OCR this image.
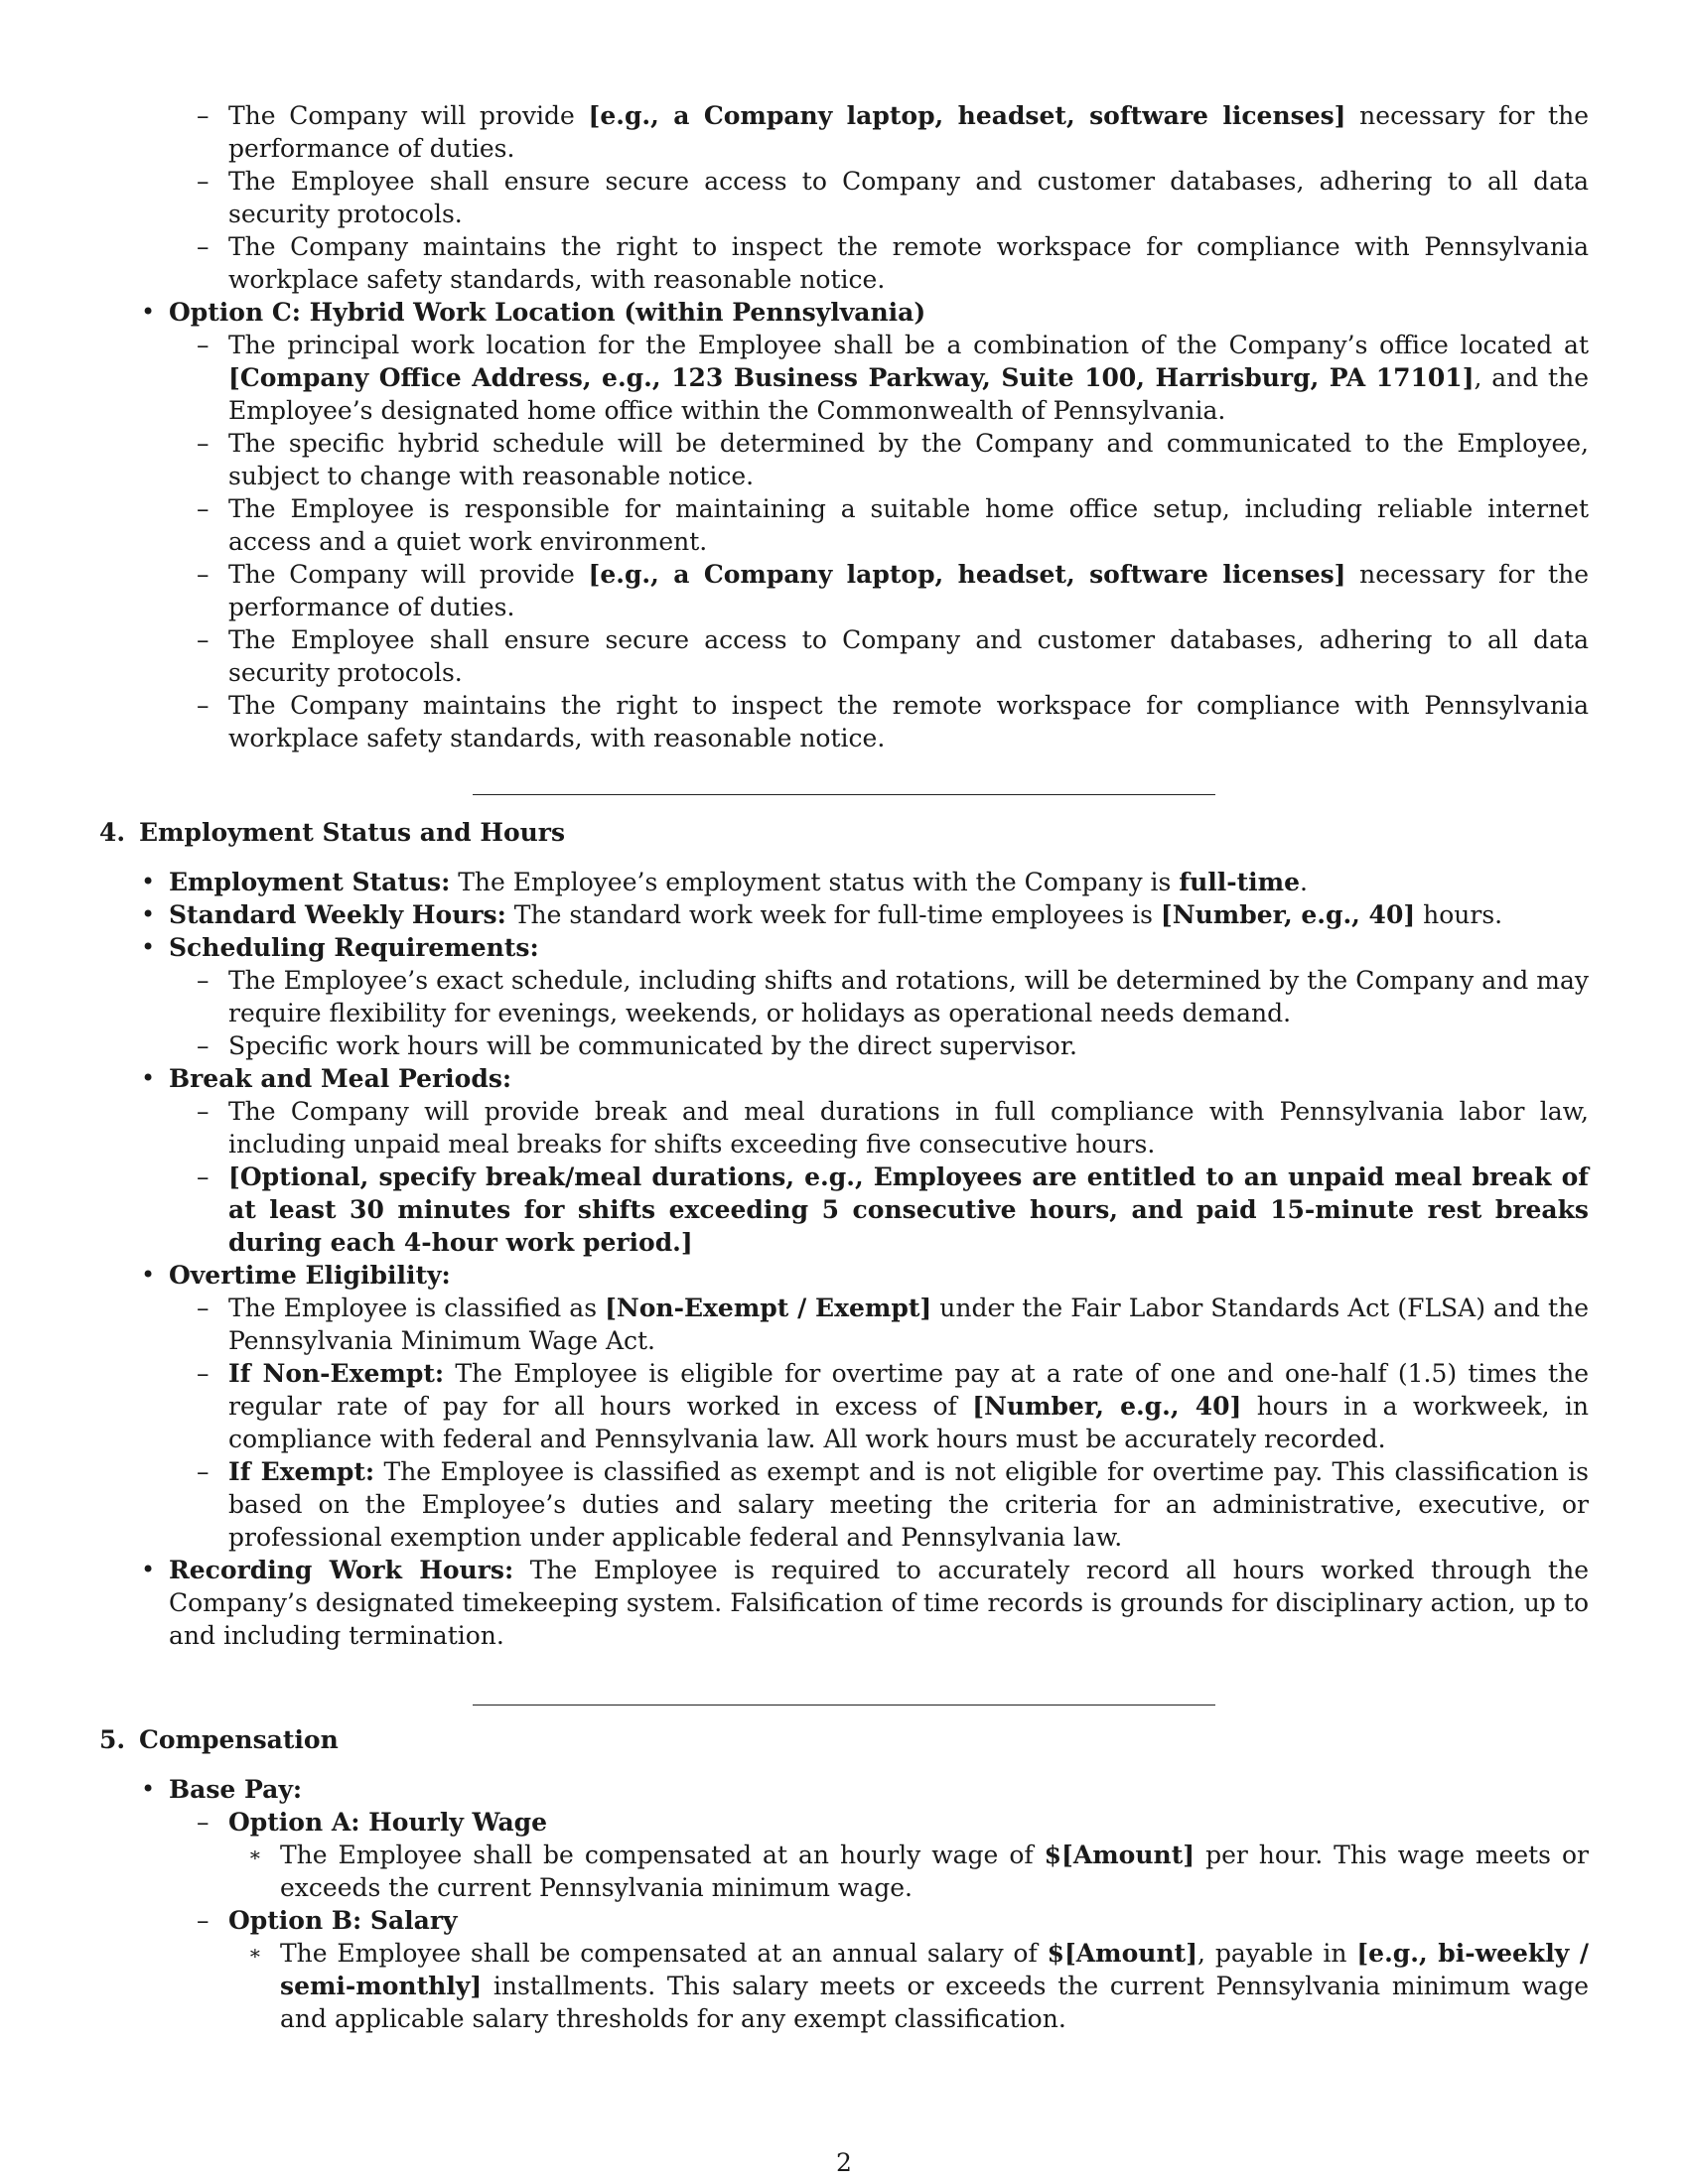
– The Company will provide [e.g., a Company laptop, headset, software licenses] necessary for the performance of duties.
– The Employee shall ensure secure access to Company and customer databases, adhering to all data security protocols.
– The Company maintains the right to inspect the remote workspace for compliance with Pennsylvania workplace safety standards, with reasonable notice.
• Option C: Hybrid Work Location (within Pennsylvania)
– The principal work location for the Employee shall be a combination of the Company’s office located at [Company Office Address, e.g., 123 Business Parkway, Suite 100, Harrisburg, PA 17101], and the Employee’s designated home office within the Commonwealth of Pennsylvania.
– The specific hybrid schedule will be determined by the Company and communicated to the Employee, subject to change with reasonable notice.
– The Employee is responsible for maintaining a suitable home office setup, including reliable internet access and a quiet work environment.
– The Company will provide [e.g., a Company laptop, headset, software licenses] necessary for the performance of duties.
– The Employee shall ensure secure access to Company and customer databases, adhering to all data security protocols.
– The Company maintains the right to inspect the remote workspace for compliance with Pennsylvania workplace safety standards, with reasonable notice.
4. Employment Status and Hours
• Employment Status: The Employee’s employment status with the Company is full-time.
• Standard Weekly Hours: The standard work week for full-time employees is [Number, e.g., 40] hours.
• Scheduling Requirements:
– The Employee’s exact schedule, including shifts and rotations, will be determined by the Company and may require flexibility for evenings, weekends, or holidays as operational needs demand.
– Specific work hours will be communicated by the direct supervisor.
• Break and Meal Periods:
– The Company will provide break and meal durations in full compliance with Pennsylvania labor law, including unpaid meal breaks for shifts exceeding five consecutive hours.
– [Optional, specify break/meal durations, e.g., Employees are entitled to an unpaid meal break of at least 30 minutes for shifts exceeding 5 consecutive hours, and paid 15-minute rest breaks during each 4-hour work period.]
• Overtime Eligibility:
– The Employee is classified as [Non-Exempt / Exempt] under the Fair Labor Standards Act (FLSA) and the Pennsylvania Minimum Wage Act.
– If Non-Exempt: The Employee is eligible for overtime pay at a rate of one and one-half (1.5) times the regular rate of pay for all hours worked in excess of [Number, e.g., 40] hours in a workweek, in compliance with federal and Pennsylvania law. All work hours must be accurately recorded.
– If Exempt: The Employee is classified as exempt and is not eligible for overtime pay. This classification is based on the Employee’s duties and salary meeting the criteria for an administrative, executive, or professional exemption under applicable federal and Pennsylvania law.
• Recording Work Hours: The Employee is required to accurately record all hours worked through the Company’s designated timekeeping system. Falsification of time records is grounds for disciplinary action, up to and including termination.
5. Compensation
• Base Pay:
– Option A: Hourly Wage
∗ The Employee shall be compensated at an hourly wage of $[Amount] per hour. This wage meets or exceeds the current Pennsylvania minimum wage.
– Option B: Salary
∗ The Employee shall be compensated at an annual salary of $[Amount], payable in [e.g., bi-weekly / semi-monthly] installments. This salary meets or exceeds the current Pennsylvania minimum wage and applicable salary thresholds for any exempt classification.
2
